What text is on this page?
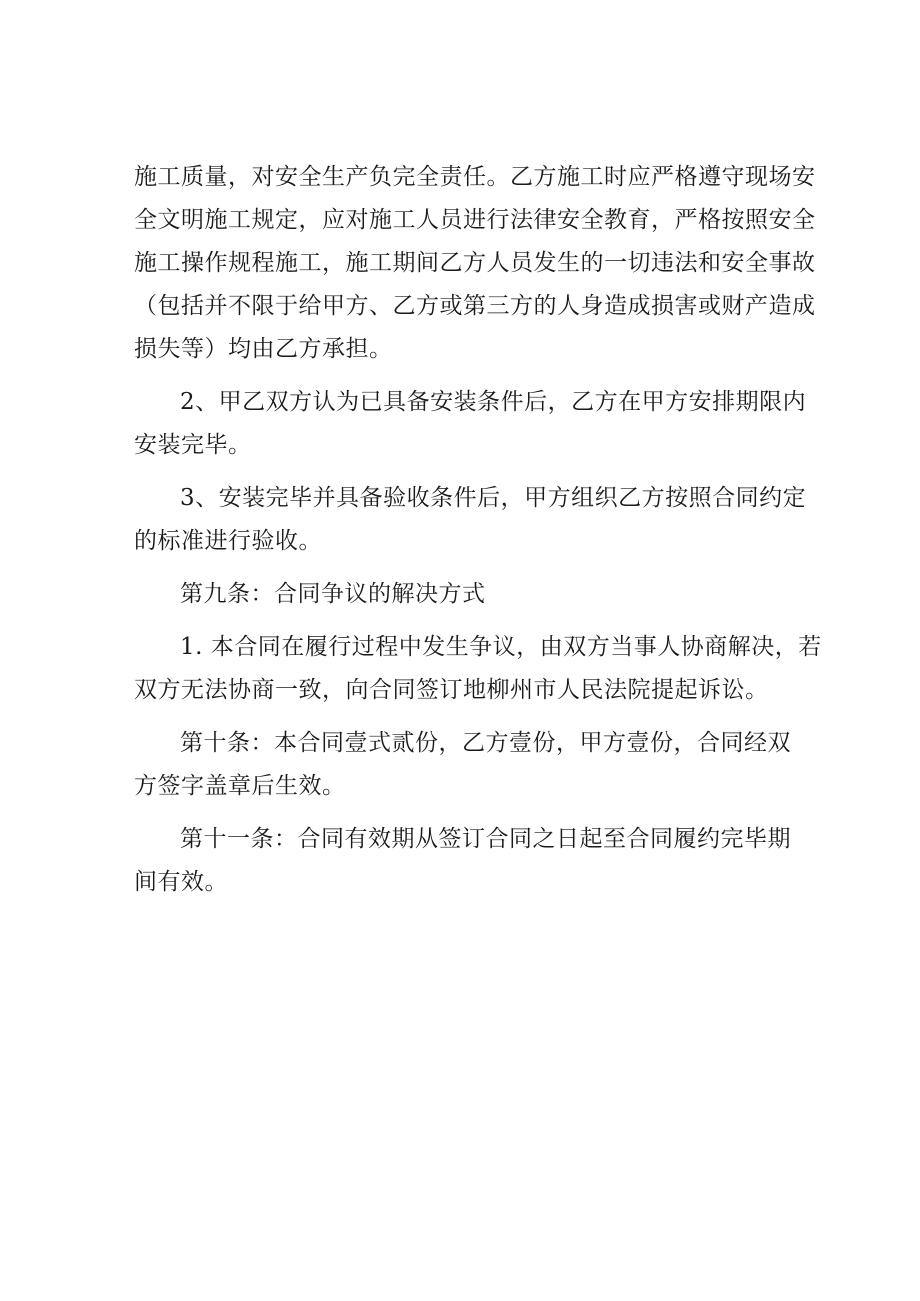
施工质量，对安全生产负完全责任。乙方施工时应严格遵守现场安
全文明施工规定，应对施工人员进行法律安全教育，严格按照安全
施工操作规程施工，施工期间乙方人员发生的一切违法和安全事故
（包括并不限于给甲方、乙方或第三方的人身造成损害或财产造成
损失等）均由乙方承担。

2、甲乙双方认为已具备安装条件后，乙方在甲方安排期限内
安装完毕。

3、安装完毕并具备验收条件后，甲方组织乙方按照合同约定
的标准进行验收。

第九条：合同争议的解决方式

1. 本合同在履行过程中发生争议，由双方当事人协商解决，若
双方无法协商一致，向合同签订地柳州市人民法院提起诉讼。

第十条：本合同壹式贰份，乙方壹份，甲方壹份，合同经双
方签字盖章后生效。

第十一条：合同有效期从签订合同之日起至合同履约完毕期
间有效。
